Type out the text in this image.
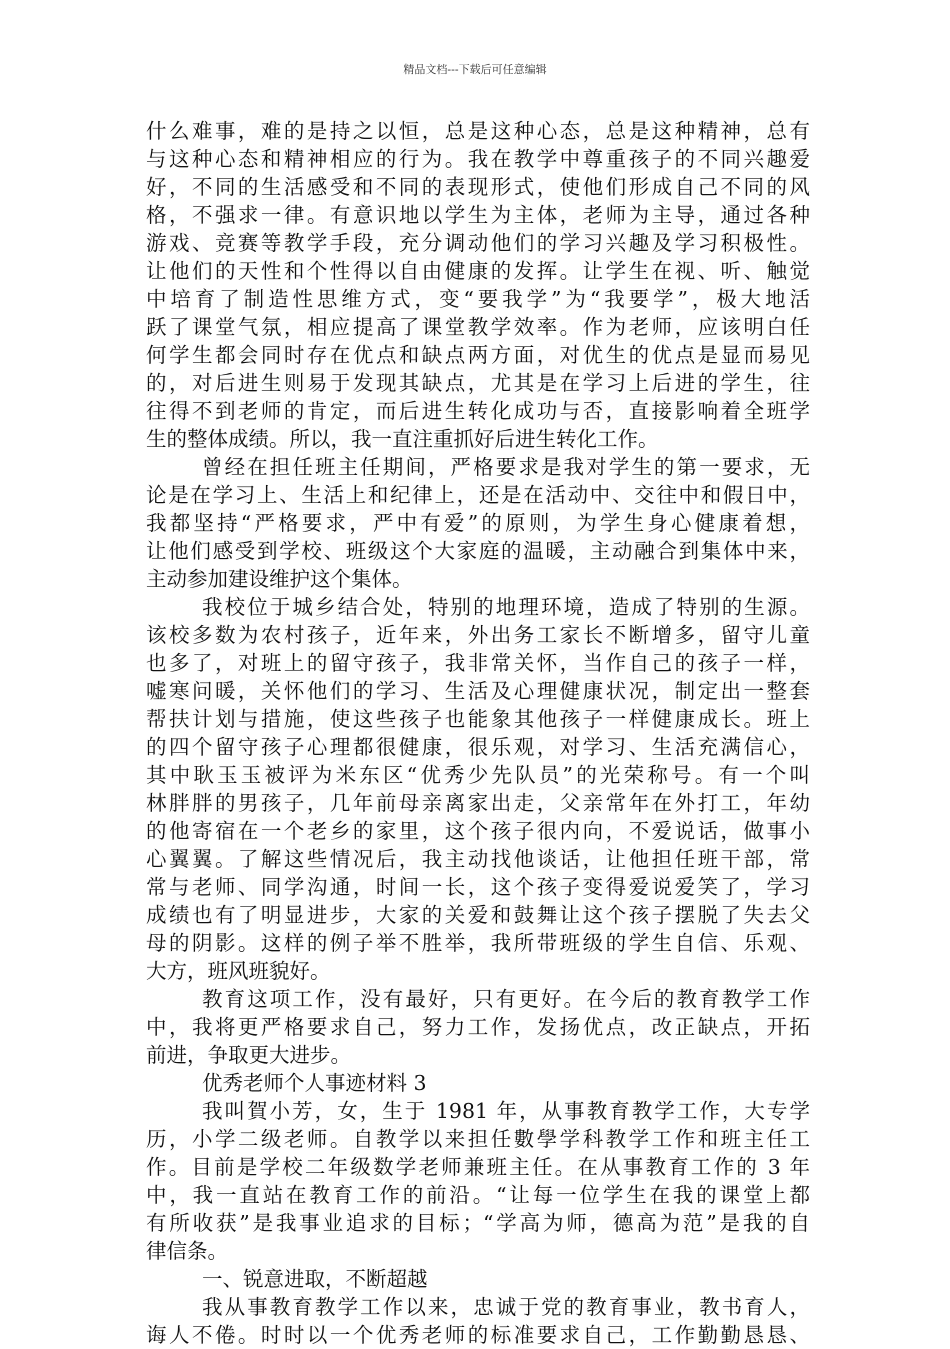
精品文档---下载后可任意编辑
什么难事，难的是持之以恒，总是这种心态，总是这种精神，总有
与这种心态和精神相应的行为。我在教学中尊重孩子的不同兴趣爱
好，不同的生活感受和不同的表现形式，使他们形成自己不同的风
格，不强求一律。有意识地以学生为主体，老师为主导，通过各种
游戏、竞赛等教学手段，充分调动他们的学习兴趣及学习积极性。
让他们的天性和个性得以自由健康的发挥。让学生在视、听、触觉
中培育了制造性思维方式，变“要我学”为“我要学”，极大地活
跃了课堂气氛，相应提高了课堂教学效率。作为老师，应该明白任
何学生都会同时存在优点和缺点两方面，对优生的优点是显而易见
的，对后进生则易于发现其缺点，尤其是在学习上后进的学生，往
往得不到老师的肯定，而后进生转化成功与否，直接影响着全班学
生的整体成绩。所以，我一直注重抓好后进生转化工作。
曾经在担任班主任期间，严格要求是我对学生的第一要求，无
论是在学习上、生活上和纪律上，还是在活动中、交往中和假日中，
我都坚持“严格要求，严中有爱”的原则，为学生身心健康着想，
让他们感受到学校、班级这个大家庭的温暖，主动融合到集体中来，
主动参加建设维护这个集体。
我校位于城乡结合处，特别的地理环境，造成了特别的生源。
该校多数为农村孩子，近年来，外出务工家长不断增多，留守儿童
也多了，对班上的留守孩子，我非常关怀，当作自己的孩子一样，
嘘寒问暖，关怀他们的学习、生活及心理健康状况，制定出一整套
帮扶计划与措施，使这些孩子也能象其他孩子一样健康成长。班上
的四个留守孩子心理都很健康，很乐观，对学习、生活充满信心，
其中耿玉玉被评为米东区“优秀少先队员”的光荣称号。有一个叫
林胖胖的男孩子，几年前母亲离家出走，父亲常年在外打工，年幼
的他寄宿在一个老乡的家里，这个孩子很内向，不爱说话，做事小
心翼翼。了解这些情况后，我主动找他谈话，让他担任班干部，常
常与老师、同学沟通，时间一长，这个孩子变得爱说爱笑了，学习
成绩也有了明显进步，大家的关爱和鼓舞让这个孩子摆脱了失去父
母的阴影。这样的例子举不胜举，我所带班级的学生自信、乐观、
大方，班风班貌好。
教育这项工作，没有最好，只有更好。在今后的教育教学工作
中，我将更严格要求自己，努力工作，发扬优点，改正缺点，开拓
前进，争取更大进步。
优秀老师个人事迹材料 3
我叫賀小芳，女，生于 1981 年，从事教育教学工作，大专学
历，小学二级老师。自教学以来担任數學学科教学工作和班主任工
作。目前是学校二年级数学老师兼班主任。在从事教育工作的 3 年
中，我一直站在教育工作的前沿。“让每一位学生在我的课堂上都
有所收获”是我事业追求的目标；“学高为师，德高为范”是我的自
律信条。
一、锐意进取，不断超越
我从事教育教学工作以来，忠诚于党的教育事业，教书育人，
诲人不倦。时时以一个优秀老师的标准要求自己，工作勤勤恳恳、
